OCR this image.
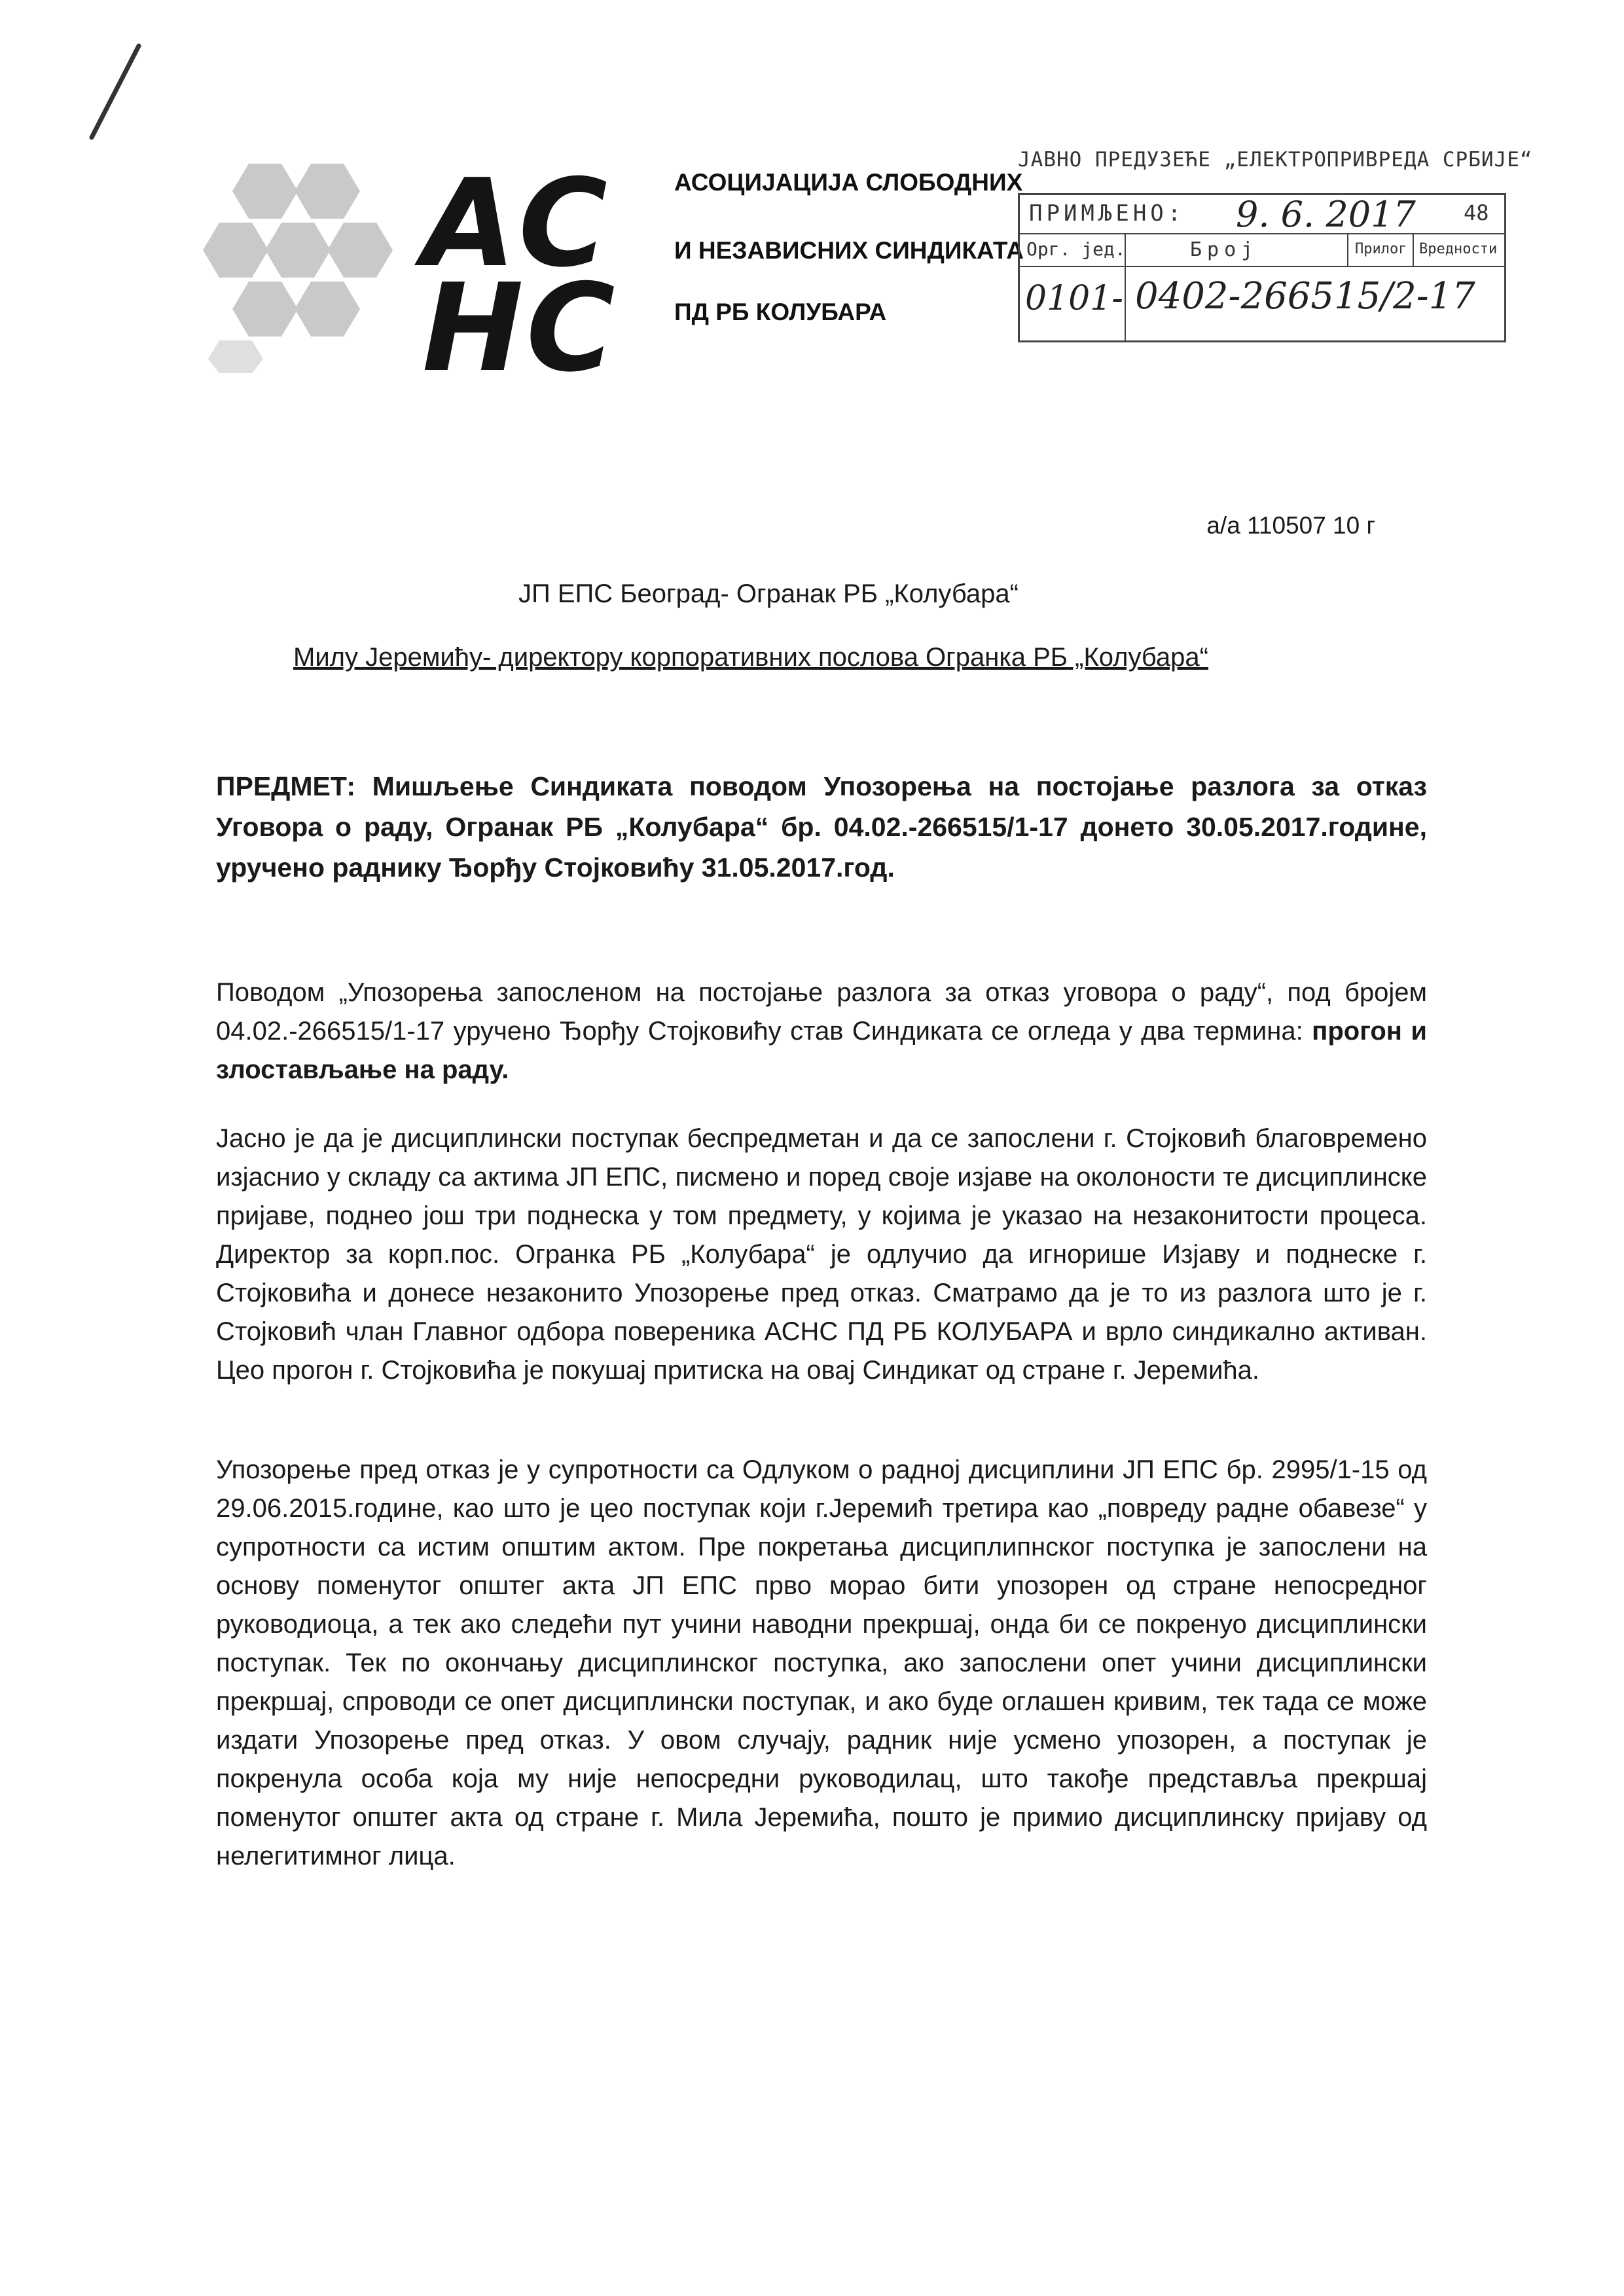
АС
НС
АСОЦИЈАЦИЈА СЛОБОДНИХ
И НЕЗАВИСНИХ СИНДИКАТА
ПД РБ КОЛУБАРА
ЈАВНО ПРЕДУЗЕЋЕ „ЕЛЕКТРОПРИВРЕДА СРБИЈЕ“
ПРИМЉЕНО: 9. 6. 2017 48
Орг. јед.	Број	Прилог Вредности
0101- 0402-266515/2-17
а/а 110507 10 г
ЈП ЕПС Београд- Огранак РБ „Колубара“
Милу Јеремићу- директору корпоративних послова Огранка РБ „Колубара“
ПРЕДМЕТ: Мишљење Синдиката поводом Упозорења на постојање разлога за отказ Уговора о раду, Огранак РБ „Колубара“ бр. 04.02.-266515/1-17 донето 30.05.2017.године, уручено раднику Ђорђу Стојковићу 31.05.2017.год.
Поводом „Упозорења запосленом на постојање разлога за отказ уговора о раду“, под бројем 04.02.-266515/1-17 уручено Ђорђу Стојковићу став Синдиката се огледа у два термина: прогон и злостављање на раду.
Јасно је да је дисциплински поступак беспредметан и да се запослени г. Стојковић благовремено изјаснио у складу са актима ЈП ЕПС, писмено и поред своје изјаве на околоности те дисциплинске пријаве, поднео још три поднеска у том предмету, у којима је указао на незаконитости процеса. Директор за корп.пос. Огранка РБ „Колубара“ је одлучио да игнорише Изјаву и поднеске г. Стојковића и донесе незаконито Упозорење пред отказ. Сматрамо да је то из разлога што је г. Стојковић члан Главног одбора повереника АСНС ПД РБ КОЛУБАРА и врло синдикално активан. Цео прогон г. Стојковића је покушај притиска на овај Синдикат од стране г. Јеремића.
Упозорење пред отказ је у супротности са Одлуком о радној дисциплини ЈП ЕПС бр. 2995/1-15 од 29.06.2015.године, као што је цео поступак који г.Јеремић третира као „повреду радне обавезе“ у супротности са истим општим актом. Пре покретања дисциплипнског поступка је запослени на основу поменутог општег акта ЈП ЕПС прво морао бити упозорен од стране непосредног руководиоца, а тек ако следећи пут учини наводни прекршај, онда би се покренуо дисциплински поступак. Тек по окончању дисциплинског поступка, ако запослени опет учини дисциплински прекршај, спроводи се опет дисциплински поступак, и ако буде оглашен кривим, тек тада се може издати Упозорење пред отказ. У овом случају, радник није усмено упозорен, а поступак је покренула особа која му није непосредни руководилац, што такође представља прекршај поменутог општег акта од стране г. Мила Јеремића, пошто је примио дисциплинску пријаву од нелегитимног лица.
